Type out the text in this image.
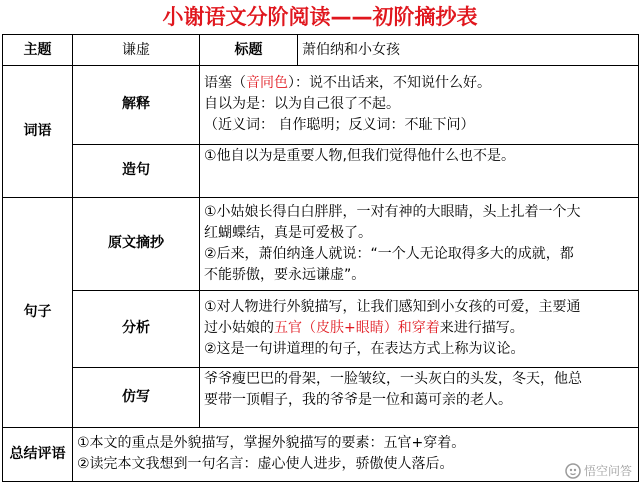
小谢语文分阶阅读——初阶摘抄表
主题	谦虚	标题	萧伯纳和小女孩
词语	解释	语塞（音同色）：说不出话来，不知说什么好。
自以为是：以为自己很了不起。
（近义词： 自作聪明；反义词：不耻下问）	

	造句	①他自以为是重要人物,但我们觉得他什么也不是。	
句子	原文摘抄	①小姑娘长得白白胖胖，一对有神的大眼睛，头上扎着一个大
红蝴蝶结，真是可爱极了。
②后来，萧伯纳逢人就说：“一个人无论取得多大的成就，都
不能骄傲，要永远谦虚”。	

	分析	①对人物进行外貌描写，让我们感知到小女孩的可爱，主要通
过小姑娘的五官（皮肤+眼睛）和穿着来进行描写。
②这是一句讲道理的句子，在表达方式上称为议论。	

	仿写	爷爷瘦巴巴的骨架，一脸皱纹，一头灰白的头发，冬天，他总
要带一顶帽子，我的爷爷是一位和蔼可亲的老人。	

总结评语	①本文的重点是外貌描写，掌握外貌描写的要素：五官+穿着。
②读完本文我想到一句名言：虚心使人进步，骄傲使人落后。			悟空问答
